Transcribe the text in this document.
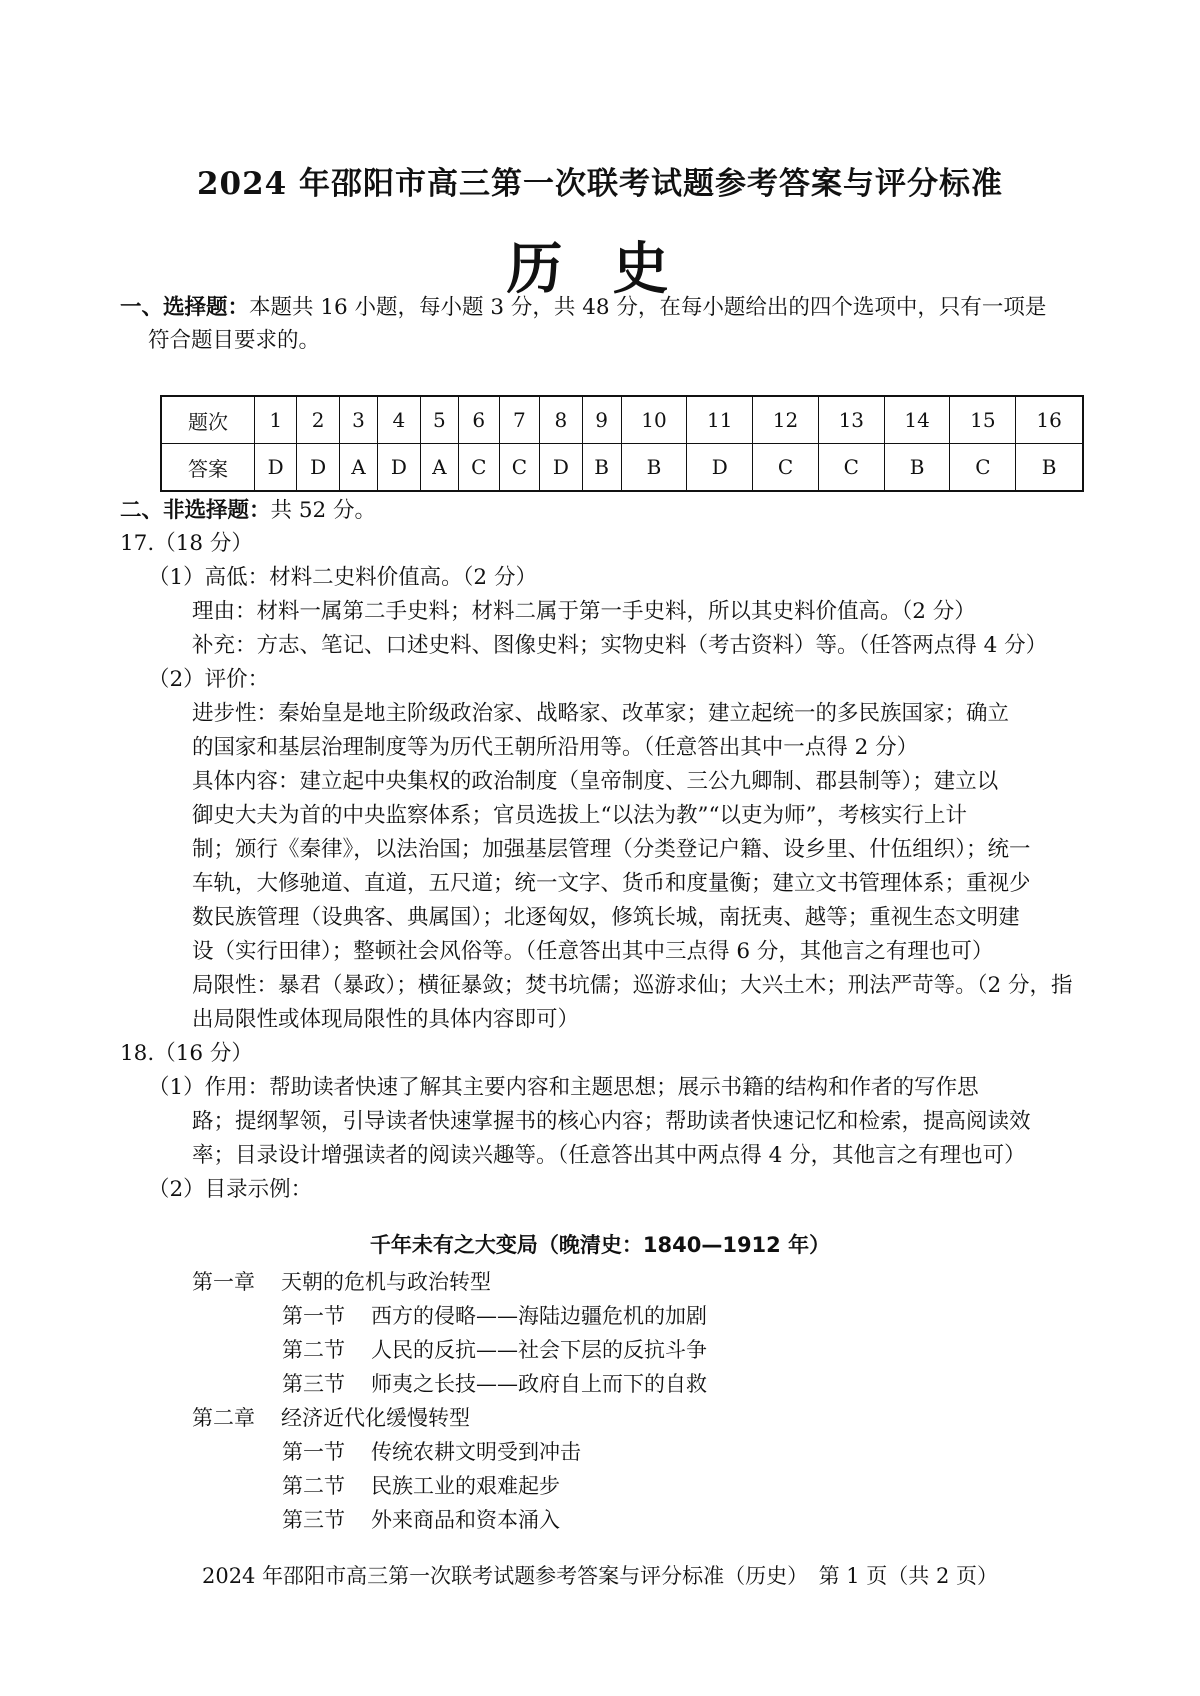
2024 年邵阳市高三第一次联考试题参考答案与评分标准
历史
一、选择题：本题共 16 小题，每小题 3 分，共 48 分，在每小题给出的四个选项中，只有一项是
符合题目要求的。
题次	1	2	3	4	5	6	7	8	9	10	11	12	13	14	15	16
答案	D	D	A	D	A	C	C	D	B	B	D	C	C	B	C	B
二、非选择题：共 52 分。
17.（18 分）
（1）高低：材料二史料价值高。（2 分）
理由：材料一属第二手史料；材料二属于第一手史料，所以其史料价值高。（2 分）
补充：方志、笔记、口述史料、图像史料；实物史料（考古资料）等。（任答两点得 4 分）
（2）评价：
进步性：秦始皇是地主阶级政治家、战略家、改革家；建立起统一的多民族国家；确立
的国家和基层治理制度等为历代王朝所沿用等。（任意答出其中一点得 2 分）
具体内容：建立起中央集权的政治制度（皇帝制度、三公九卿制、郡县制等）；建立以
御史大夫为首的中央监察体系；官员选拔上“以法为教”“以吏为师”，考核实行上计
制；颁行《秦律》，以法治国；加强基层管理（分类登记户籍、设乡里、什伍组织）；统一
车轨，大修驰道、直道，五尺道；统一文字、货币和度量衡；建立文书管理体系；重视少
数民族管理（设典客、典属国）；北逐匈奴，修筑长城，南抚夷、越等；重视生态文明建
设（实行田律）；整顿社会风俗等。（任意答出其中三点得 6 分，其他言之有理也可）
局限性：暴君（暴政）；横征暴敛；焚书坑儒；巡游求仙；大兴土木；刑法严苛等。（2 分，指
出局限性或体现局限性的具体内容即可）
18.（16 分）
（1）作用：帮助读者快速了解其主要内容和主题思想；展示书籍的结构和作者的写作思
路；提纲挈领，引导读者快速掌握书的核心内容；帮助读者快速记忆和检索，提高阅读效
率；目录设计增强读者的阅读兴趣等。（任意答出其中两点得 4 分，其他言之有理也可）
（2）目录示例：
千年未有之大变局（晚清史：1840—1912 年）
第一章 天朝的危机与政治转型
第一节 西方的侵略——海陆边疆危机的加剧
第二节 人民的反抗——社会下层的反抗斗争
第三节 师夷之长技——政府自上而下的自救
第二章 经济近代化缓慢转型
第一节 传统农耕文明受到冲击
第二节 民族工业的艰难起步
第三节 外来商品和资本涌入
2024 年邵阳市高三第一次联考试题参考答案与评分标准（历史）　第 1 页（共 2 页）
